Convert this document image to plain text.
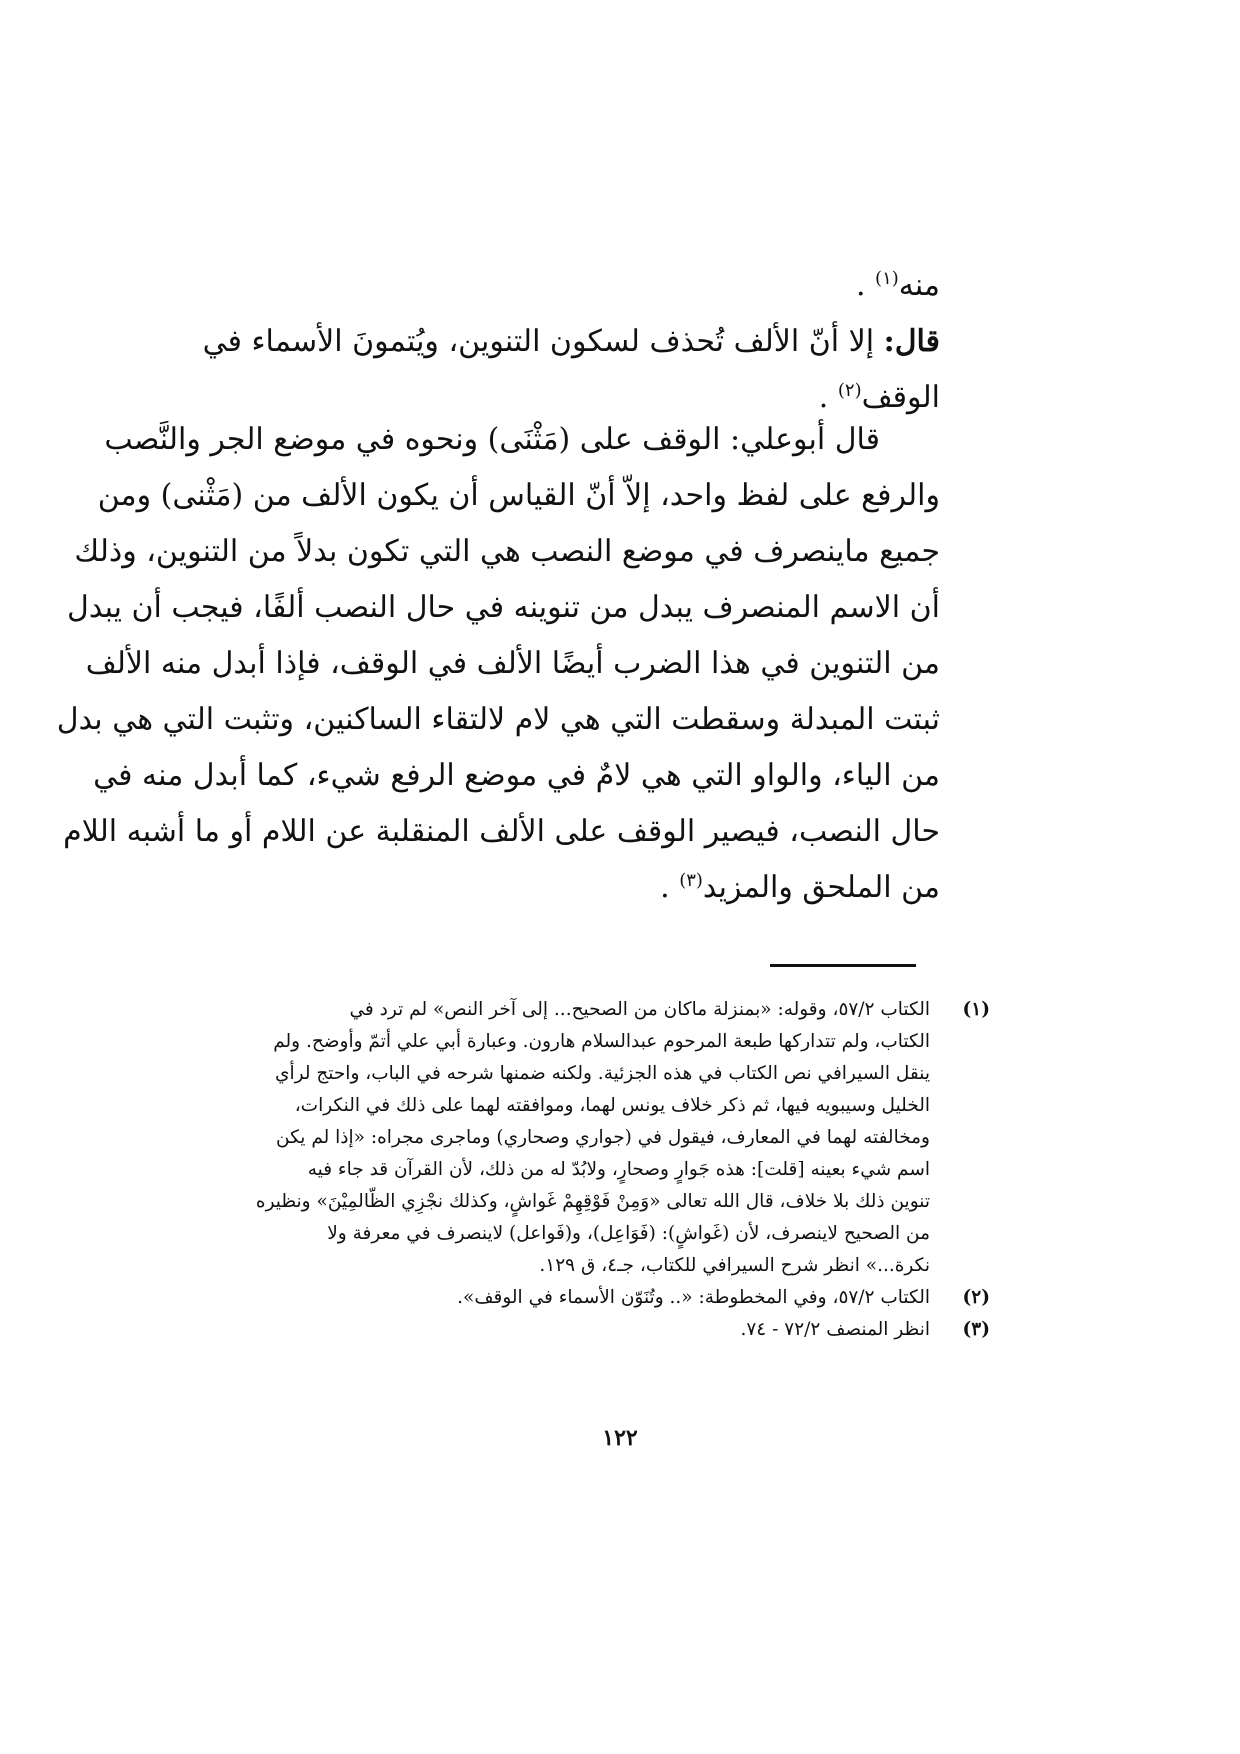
منه$^{(١)}$ .
قال: إلا أنّ الألف تُحذف لسكون التنوين، ويُتمونَ الأسماء في
الوقف$^{(٢)}$ .
قال أبوعلي: الوقف على (مَثْنَى) ونحوه في موضع الجر والنَّصب
والرفع على لفظ واحد، إلاّ أنّ القياس أن يكون الألف من (مَثْنى) ومن
جميع ماينصرف في موضع النصب هي التي تكون بدلاً من التنوين، وذلك
أن الاسم المنصرف يبدل من تنوينه في حال النصب ألفًا، فيجب أن يبدل
من التنوين في هذا الضرب أيضًا الألف في الوقف، فإذا أبدل منه الألف
ثبتت المبدلة وسقطت التي هي لام لالتقاء الساكنين، وتثبت التي هي بدل
من الياء، والواو التي هي لامٌ في موضع الرفع شيء، كما أبدل منه في
حال النصب، فيصير الوقف على الألف المنقلبة عن اللام أو ما أشبه اللام
من الملحق والمزيد$^{(٣)}$ .
(١)
الكتاب ٥٧/٢، وقوله: «بمنزلة ماكان من الصحيح... إلى آخر النص» لم ترد في
الكتاب، ولم تتداركها طبعة المرحوم عبدالسلام هارون. وعبارة أبي علي أتمّ وأوضح. ولم
ينقل السيرافي نص الكتاب في هذه الجزئية. ولكنه ضمنها شرحه في الباب، واحتج لرأي
الخليل وسيبويه فيها، ثم ذكر خلاف يونس لهما، وموافقته لهما على ذلك في النكرات،
ومخالفته لهما في المعارف، فيقول في (جواري وصحاري) وماجرى مجراه: «إذا لم يكن
اسم شيء بعينه [قلت]: هذه جَوارٍ وصحارٍ، ولابُدّ له من ذلك، لأن القرآن قد جاء فيه
تنوين ذلك بلا خلاف، قال الله تعالى «وَمِنْ فَوْقِهِمْ غَواشٍ، وكذلك نجْزِي الظّالمِيْنَ» ونظيره
من الصحيح لاينصرف، لأن (غَواشٍ): (فَوَاعِل)، و(فَواعل) لاينصرف في معرفة ولا
نكرة...» انظر شرح السيرافي للكتاب، جـ٤، ق ١٢٩.
(٢)
الكتاب ٥٧/٢، وفي المخطوطة: «.. وتُنَوّن الأسماء في الوقف».
(٣)
انظر المنصف ٧٢/٢ - ٧٤.
١٢٢
